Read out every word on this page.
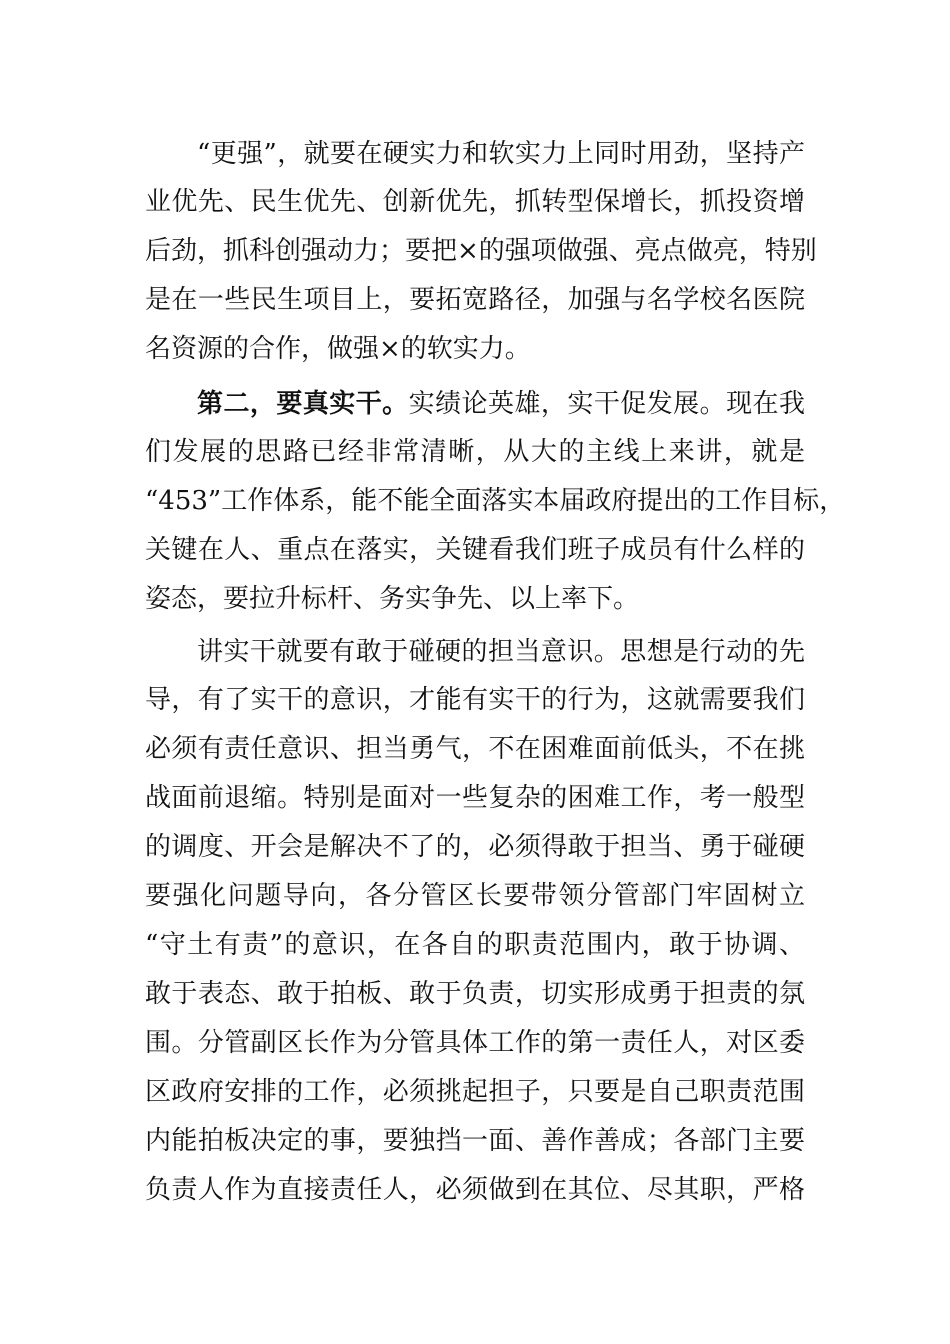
“更强”，就要在硬实力和软实力上同时用劲，坚持产
业优先、民生优先、创新优先，抓转型保增长，抓投资增
后劲，抓科创强动力；要把×的强项做强、亮点做亮，特别
是在一些民生项目上，要拓宽路径，加强与名学校名医院
名资源的合作，做强×的软实力。
第二，要真实干。实绩论英雄，实干促发展。现在我
们发展的思路已经非常清晰，从大的主线上来讲，就是
“453”工作体系，能不能全面落实本届政府提出的工作目标，
关键在人、重点在落实，关键看我们班子成员有什么样的
姿态，要拉升标杆、务实争先、以上率下。
讲实干就要有敢于碰硬的担当意识。思想是行动的先
导，有了实干的意识，才能有实干的行为，这就需要我们
必须有责任意识、担当勇气，不在困难面前低头，不在挑
战面前退缩。特别是面对一些复杂的困难工作，考一般型
的调度、开会是解决不了的，必须得敢于担当、勇于碰硬
要强化问题导向，各分管区长要带领分管部门牢固树立
“守土有责”的意识，在各自的职责范围内，敢于协调、
敢于表态、敢于拍板、敢于负责，切实形成勇于担责的氛
围。分管副区长作为分管具体工作的第一责任人，对区委
区政府安排的工作，必须挑起担子，只要是自己职责范围
内能拍板决定的事，要独挡一面、善作善成；各部门主要
负责人作为直接责任人，必须做到在其位、尽其职，严格
